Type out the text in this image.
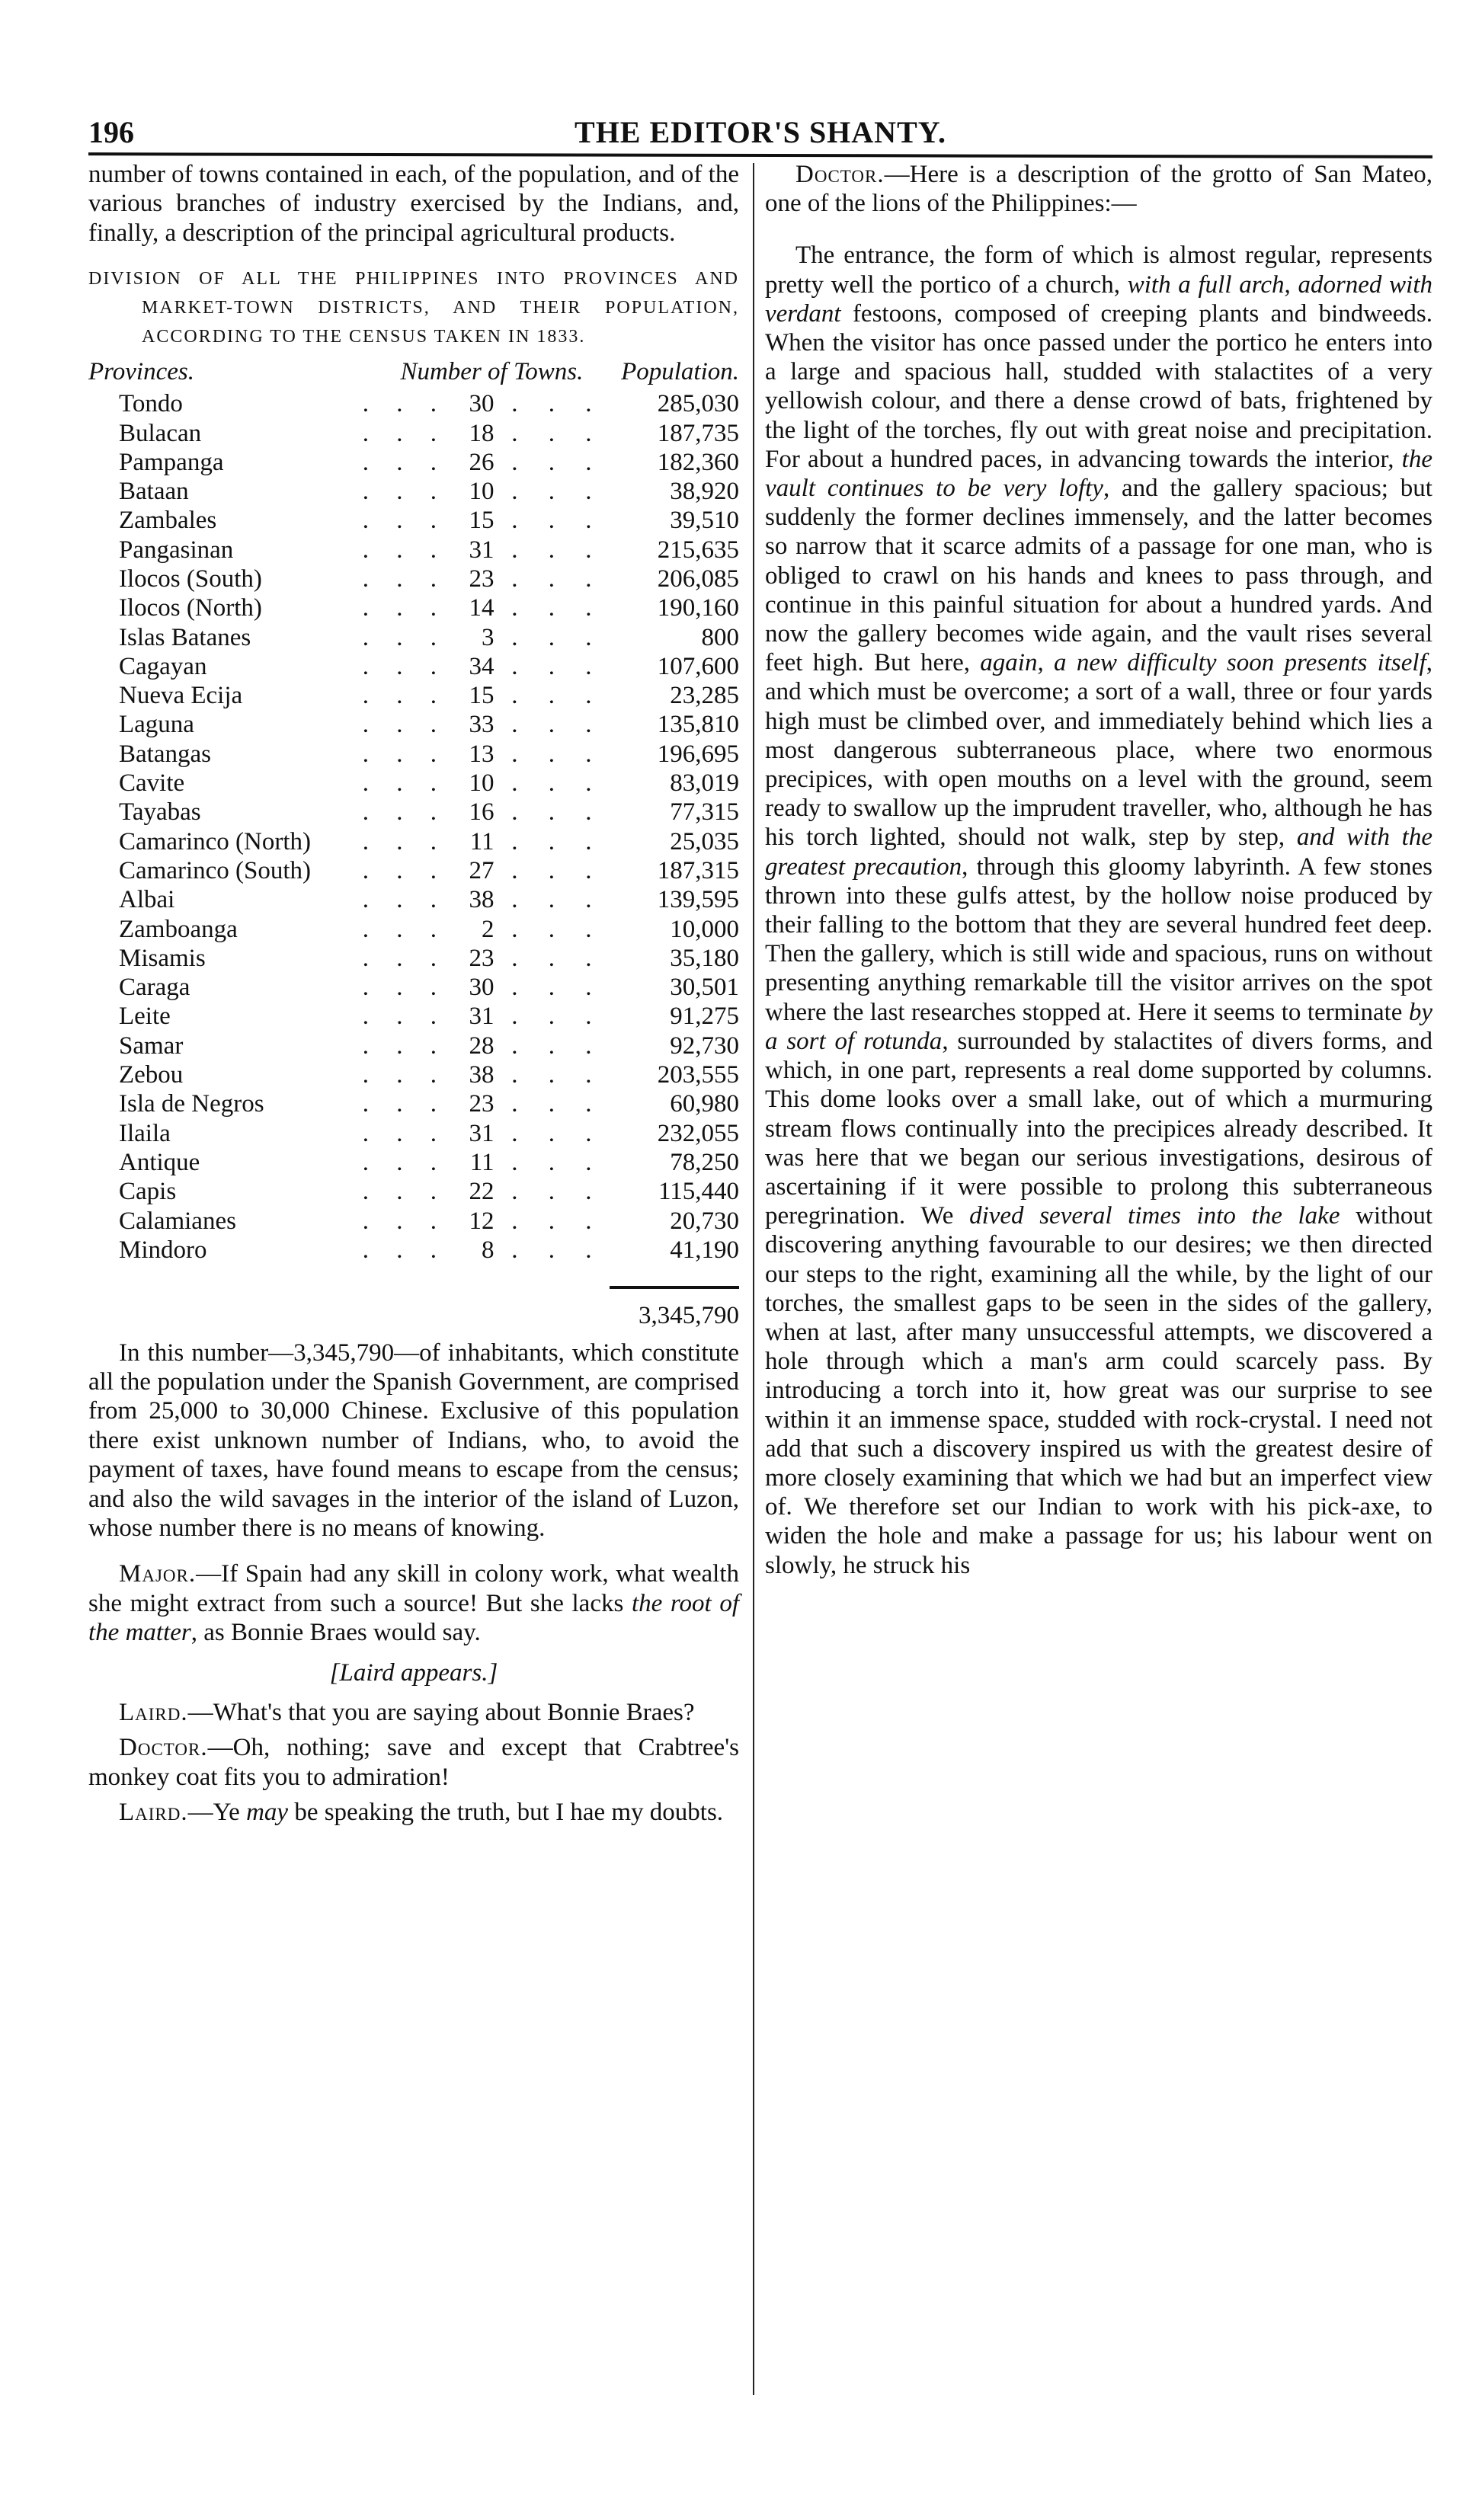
196	THE EDITOR'S SHANTY.

number of towns contained in each, of the population, and of the various branches of industry exercised by the Indians, and, finally, a description of the principal agricultural products.

DIVISION OF ALL THE PHILIPPINES INTO PROVINCES AND MARKET-TOWN DISTRICTS, AND THEIR POPULATION, ACCORDING TO THE CENSUS TAKEN IN 1833.

Provinces.	Number of Towns.			Population.
Tondo	. . .	30	. . .	285,030
Bulacan	. . .	18	. . .	187,735
Pampanga	. . .	26	. . .	182,360
Bataan	. . .	10	. . .	38,920
Zambales	. . .	15	. . .	39,510
Pangasinan	. . .	31	. . .	215,635
Ilocos (South)	. . .	23	. . .	206,085
Ilocos (North)	. . .	14	. . .	190,160
Islas Batanes	. . .	3	. . .	800
Cagayan	. . .	34	. . .	107,600
Nueva Ecija	. . .	15	. . .	23,285
Laguna	. . .	33	. . .	135,810
Batangas	. . .	13	. . .	196,695
Cavite	. . .	10	. . .	83,019
Tayabas	. . .	16	. . .	77,315
Camarinco (North)	. . .	11	. . .	25,035
Camarinco (South)	. . .	27	. . .	187,315
Albai	. . .	38	. . .	139,595
Zamboanga	. . .	2	. . .	10,000
Misamis	. . .	23	. . .	35,180
Caraga	. . .	30	. . .	30,501
Leite	. . .	31	. . .	91,275
Samar	. . .	28	. . .	92,730
Zebou	. . .	38	. . .	203,555
Isla de Negros	. . .	23	. . .	60,980
Ilaila	. . .	31	. . .	232,055
Antique	. . .	11	. . .	78,250
Capis	. . .	22	. . .	115,440
Calamianes	. . .	12	. . .	20,730
Mindoro	. . .	8	. . .	41,190
3,345,790

In this number—3,345,790—of inhabitants, which constitute all the population under the Spanish Government, are comprised from 25,000 to 30,000 Chinese. Exclusive of this population there exist unknown number of Indians, who, to avoid the payment of taxes, have found means to escape from the census; and also the wild savages in the interior of the island of Luzon, whose number there is no means of knowing.

Major.—If Spain had any skill in colony work, what wealth she might extract from such a source! But she lacks the root of the matter, as Bonnie Braes would say.

[Laird appears.]

Laird.—What's that you are saying about Bonnie Braes?

Doctor.—Oh, nothing; save and except that Crabtree's monkey coat fits you to admiration!

Laird.—Ye may be speaking the truth, but I hae my doubts.

Doctor.—Here is a description of the grotto of San Mateo, one of the lions of the Philippines:—

The entrance, the form of which is almost regular, represents pretty well the portico of a church, with a full arch, adorned with verdant festoons, composed of creeping plants and bindweeds. When the visitor has once passed under the portico he enters into a large and spacious hall, studded with stalactites of a very yellowish colour, and there a dense crowd of bats, frightened by the light of the torches, fly out with great noise and precipitation. For about a hundred paces, in advancing towards the interior, the vault continues to be very lofty, and the gallery spacious; but suddenly the former declines immensely, and the latter becomes so narrow that it scarce admits of a passage for one man, who is obliged to crawl on his hands and knees to pass through, and continue in this painful situation for about a hundred yards. And now the gallery becomes wide again, and the vault rises several feet high. But here, again, a new difficulty soon presents itself, and which must be overcome; a sort of a wall, three or four yards high must be climbed over, and immediately behind which lies a most dangerous subterraneous place, where two enormous precipices, with open mouths on a level with the ground, seem ready to swallow up the imprudent traveller, who, although he has his torch lighted, should not walk, step by step, and with the greatest precaution, through this gloomy labyrinth. A few stones thrown into these gulfs attest, by the hollow noise produced by their falling to the bottom that they are several hundred feet deep. Then the gallery, which is still wide and spacious, runs on without presenting anything remarkable till the visitor arrives on the spot where the last researches stopped at. Here it seems to terminate by a sort of rotunda, surrounded by stalactites of divers forms, and which, in one part, represents a real dome supported by columns. This dome looks over a small lake, out of which a murmuring stream flows continually into the precipices already described. It was here that we began our serious investigations, desirous of ascertaining if it were possible to prolong this subterraneous peregrination. We dived several times into the lake without discovering anything favourable to our desires; we then directed our steps to the right, examining all the while, by the light of our torches, the smallest gaps to be seen in the sides of the gallery, when at last, after many unsuccessful attempts, we discovered a hole through which a man's arm could scarcely pass. By introducing a torch into it, how great was our surprise to see within it an immense space, studded with rock-crystal. I need not add that such a discovery inspired us with the greatest desire of more closely examining that which we had but an imperfect view of. We therefore set our Indian to work with his pick-axe, to widen the hole and make a passage for us; his labour went on slowly, he struck his
